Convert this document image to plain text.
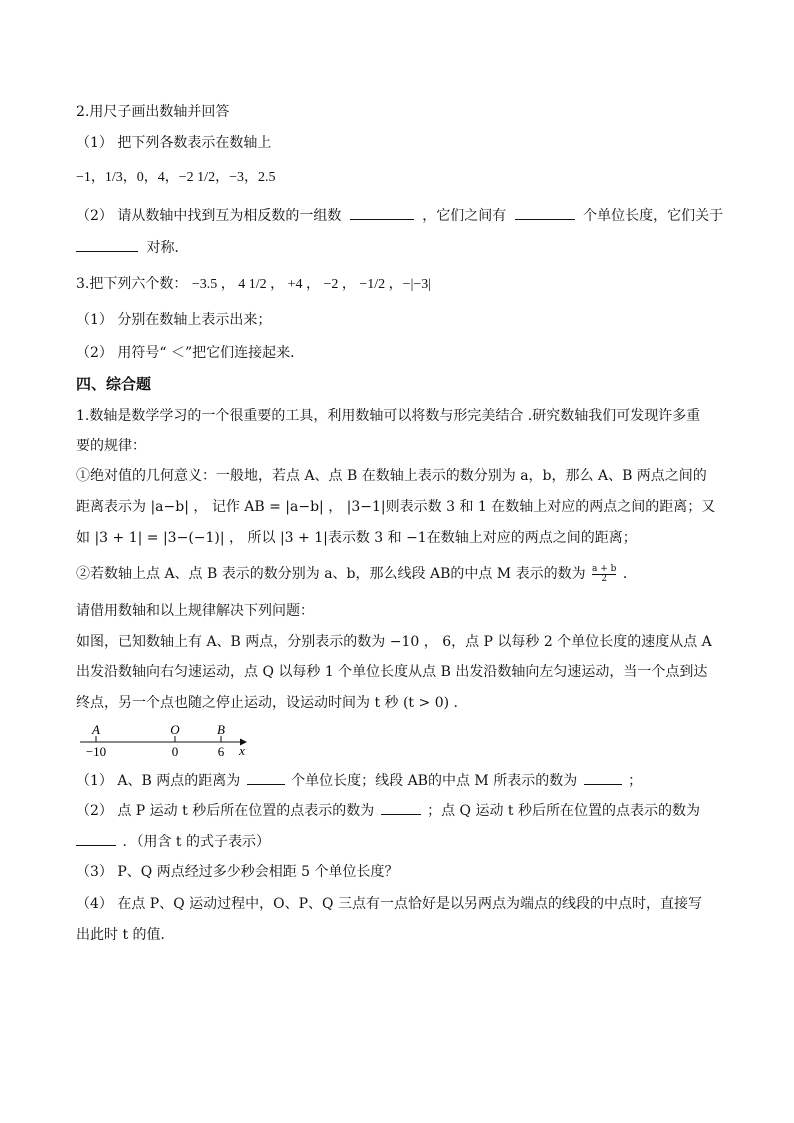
2.用尺子画出数轴并回答
（1） 把下列各数表示在数轴上
−1，1/3，0，4，−2 1/2，−3，2.5
（2） 请从数轴中找到互为相反数的一组数	，它们之间有	个单位长度，它们关于
对称．
3.把下列六个数： −3.5 ， 4 1/2 ， +4 ， −2 ， −1/2 ，−|−3|
（1） 分别在数轴上表示出来；
（2） 用符号“ ＜”把它们连接起来．
四、综合题
1.数轴是数学学习的一个很重要的工具，利用数轴可以将数与形完美结合 .研究数轴我们可发现许多重
要的规律：
①绝对值的几何意义：一般地，若点 A、点 B 在数轴上表示的数分别为 a，b，那么 A、B 两点之间的
距离表示为 |a−b| ， 记作 AB = |a−b| ， |3−1|则表示数 3 和 1 在数轴上对应的两点之间的距离；又
如 |3 + 1| = |3−(−1)| ， 所以 |3 + 1|表示数 3 和 −1在数轴上对应的两点之间的距离；
②若数轴上点 A、点 B 表示的数分别为 a、b，那么线段 AB的中点 M 表示的数为 $\frac{a + b}{2}$ ．
请借用数轴和以上规律解决下列问题：
如图，已知数轴上有 A、B 两点，分别表示的数为 −10 ， 6，点 P 以每秒 2 个单位长度的速度从点 A
出发沿数轴向右匀速运动，点 Q 以每秒 1 个单位长度从点 B 出发沿数轴向左匀速运动，当一个点到达
终点，另一个点也随之停止运动，设运动时间为 t 秒 (t > 0) .
A	O	B
−10	0	6 x
（1） A、B 两点的距离为	个单位长度；线段 AB的中点 M 所表示的数为	；
（2） 点 P 运动 t 秒后所在位置的点表示的数为	；点 Q 运动 t 秒后所在位置的点表示的数为
．（用含 t 的式子表示）
（3） P、Q 两点经过多少秒会相距 5 个单位长度？
（4） 在点 P、Q 运动过程中，O、P、Q 三点有一点恰好是以另两点为端点的线段的中点时，直接写
出此时 t 的值．
